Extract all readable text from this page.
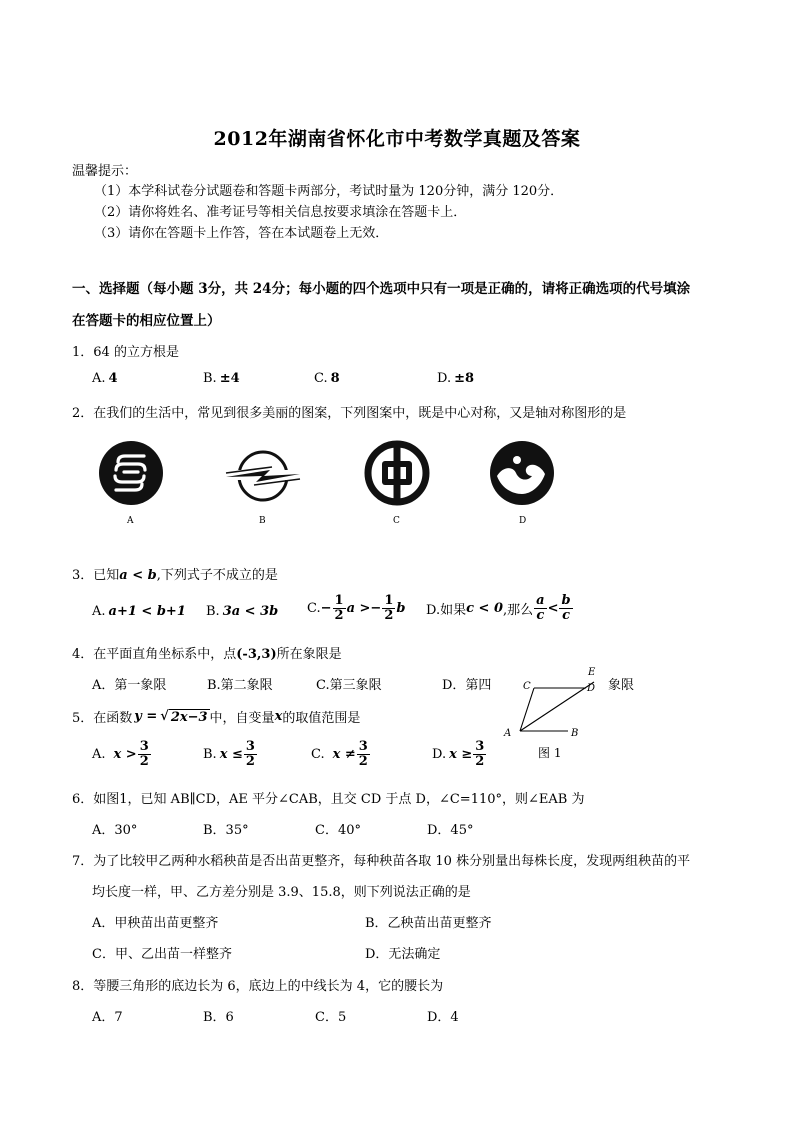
2012年湖南省怀化市中考数学真题及答案
温馨提示：
（1）本学科试卷分试题卷和答题卡两部分，考试时量为 120分钟，满分 120分．
（2）请你将姓名、准考证号等相关信息按要求填涂在答题卡上．
（3）请你在答题卡上作答，答在本试题卷上无效．
一、选择题（每小题 3分，共 24分；每小题的四个选项中只有一项是正确的，请将正确选项的代号填涂
在答题卡的相应位置上）
1．64 的立方根是
A. 4	B. ±4	C. 8	D. ±8
2．在我们的生活中，常见到很多美丽的图案，下列图案中，既是中心对称，又是轴对称图形的是
A	B	C	D
3．已知a < b,下列式子不成立的是
A. a+1 < b+1 B. 3a < 3b C. − $\frac{1}{2}$ a > − $\frac{1}{2}$ b D.如果 c < 0 ,那么 $\frac{a}{c} < \frac{b}{c}$
4．在平面直角坐标系中，点(-3,3)所在象限是
A．第一象限	B.第二象限	C.第三象限	D．第四	象限
A	B
C	D
E
图 1
5．在函数 y = √ 2x−3 中，自变量 x 的取值范围是
A. $x > \frac{3}{2}$	B. $x \le \frac{3}{2}$	C. $x \ne \frac{3}{2}$	D. $x \ge \frac{3}{2}$
6．如图1，已知 AB∥CD，AE 平分∠CAB，且交 CD 于点 D，∠C=110°，则∠EAB 为
A．30°	B．35°	C．40°	D．45°
7．为了比较甲乙两种水稻秧苗是否出苗更整齐，每种秧苗各取 10 株分别量出每株长度，发现两组秧苗的平
均长度一样，甲、乙方差分别是 3.9、15.8，则下列说法正确的是
A．甲秧苗出苗更整齐	B．乙秧苗出苗更整齐
C．甲、乙出苗一样整齐	D．无法确定
8．等腰三角形的底边长为 6，底边上的中线长为 4，它的腰长为
A．7	B．6	C．5	D．4
